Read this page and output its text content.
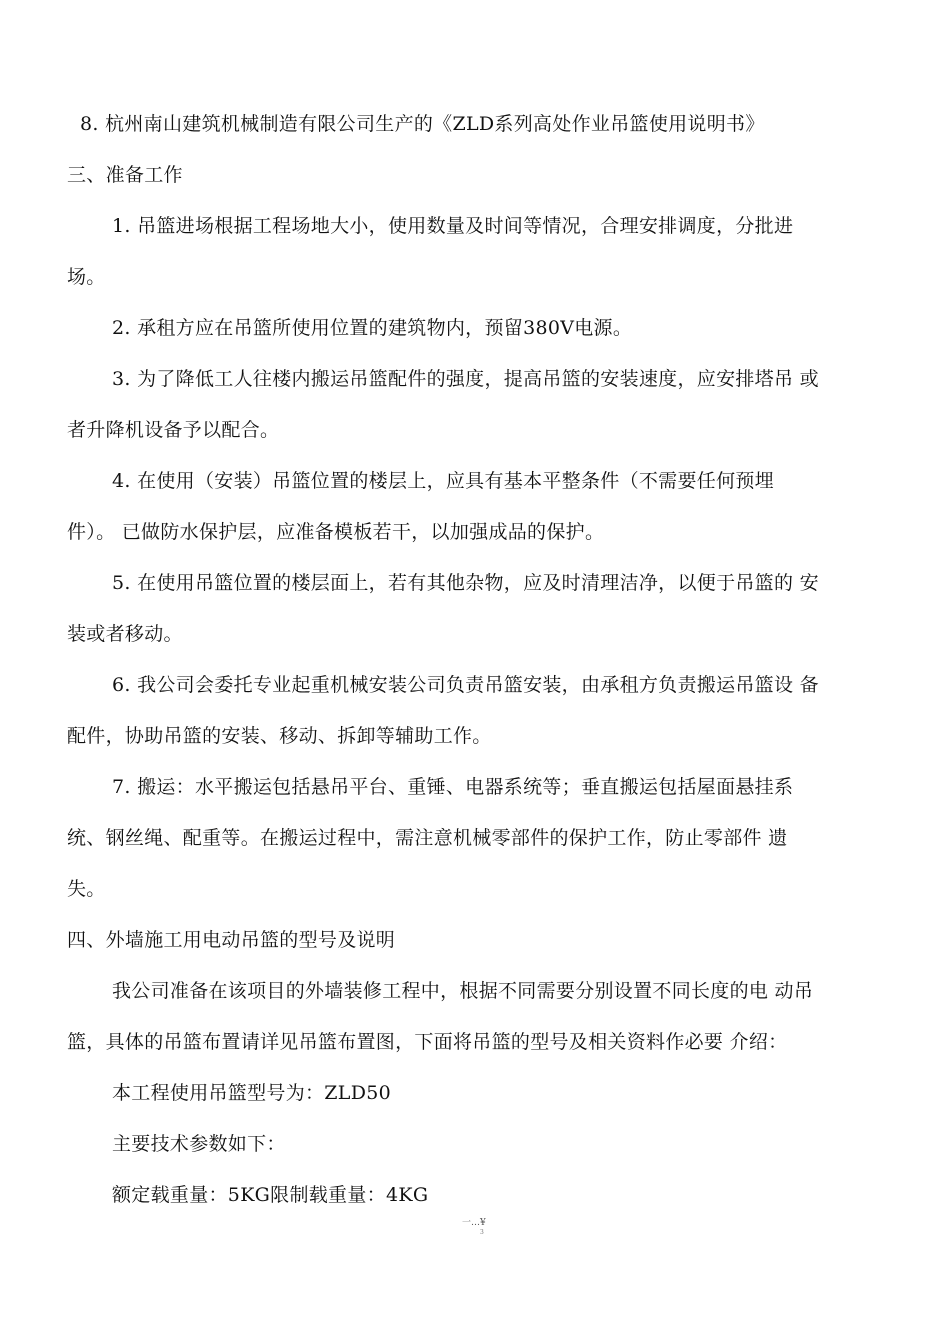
8. 杭州南山建筑机械制造有限公司生产的《ZLD系列高处作业吊篮使用说明书》
三、准备工作
1. 吊篮进场根据工程场地大小，使用数量及时间等情况，合理安排调度，分批进
场。
2. 承租方应在吊篮所使用位置的建筑物内，预留380V电源。
3. 为了降低工人往楼内搬运吊篮配件的强度，提高吊篮的安装速度，应安排塔吊 或
者升降机设备予以配合。
4. 在使用（安装）吊篮位置的楼层上，应具有基本平整条件（不需要任何预埋
件）。 已做防水保护层，应准备模板若干，以加强成品的保护。
5. 在使用吊篮位置的楼层面上，若有其他杂物，应及时清理洁净，以便于吊篮的 安
装或者移动。
6. 我公司会委托专业起重机械安装公司负责吊篮安装，由承租方负责搬运吊篮设 备
配件，协助吊篮的安装、移动、拆卸等辅助工作。
7. 搬运：水平搬运包括悬吊平台、重锤、电器系统等；垂直搬运包括屋面悬挂系
统、钢丝绳、配重等。在搬运过程中，需注意机械零部件的保护工作，防止零部件 遗
失。
四、外墙施工用电动吊篮的型号及说明
我公司准备在该项目的外墙装修工程中，根据不同需要分别设置不同长度的电 动吊
篮，具体的吊篮布置请详见吊篮布置图，下面将吊篮的型号及相关资料作必要 介绍：
本工程使用吊篮型号为：ZLD50
主要技术参数如下：
额定载重量：5KG限制载重量：4KG
一…¥
3
